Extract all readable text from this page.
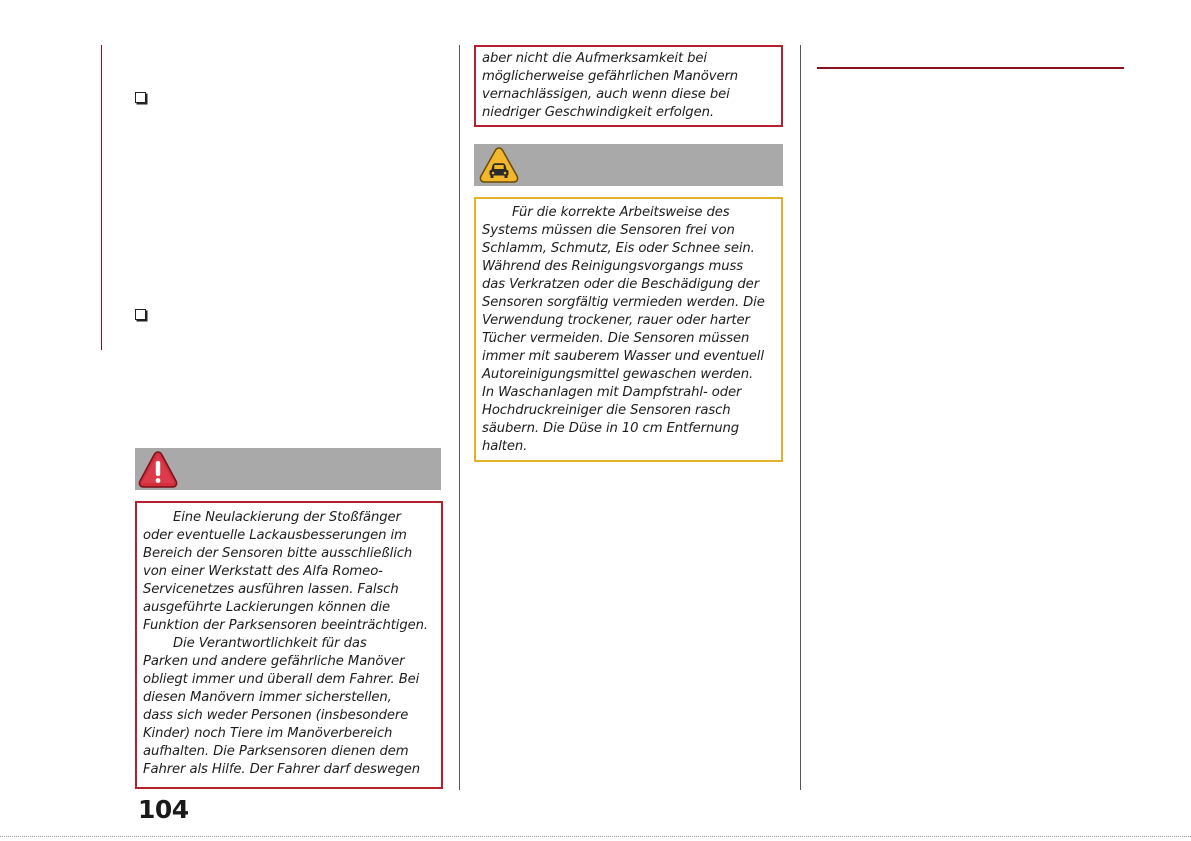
Eine Neulackierung der Stoßfänger
oder eventuelle Lackausbesserungen im
Bereich der Sensoren bitte ausschließlich
von einer Werkstatt des Alfa Romeo-
Servicenetzes ausführen lassen. Falsch
ausgeführte Lackierungen können die
Funktion der Parksensoren beeinträchtigen.

Die Verantwortlichkeit für das
Parken und andere gefährliche Manöver
obliegt immer und überall dem Fahrer. Bei
diesen Manövern immer sicherstellen,
dass sich weder Personen (insbesondere
Kinder) noch Tiere im Manöverbereich
aufhalten. Die Parksensoren dienen dem
Fahrer als Hilfe. Der Fahrer darf deswegen

aber nicht die Aufmerksamkeit bei
möglicherweise gefährlichen Manövern
vernachlässigen, auch wenn diese bei
niedriger Geschwindigkeit erfolgen.

Für die korrekte Arbeitsweise des
Systems müssen die Sensoren frei von
Schlamm, Schmutz, Eis oder Schnee sein.
Während des Reinigungsvorgangs muss
das Verkratzen oder die Beschädigung der
Sensoren sorgfältig vermieden werden. Die
Verwendung trockener, rauer oder harter
Tücher vermeiden. Die Sensoren müssen
immer mit sauberem Wasser und eventuell
Autoreinigungsmittel gewaschen werden.
In Waschanlagen mit Dampfstrahl- oder
Hochdruckreiniger die Sensoren rasch
säubern. Die Düse in 10 cm Entfernung
halten.

104
